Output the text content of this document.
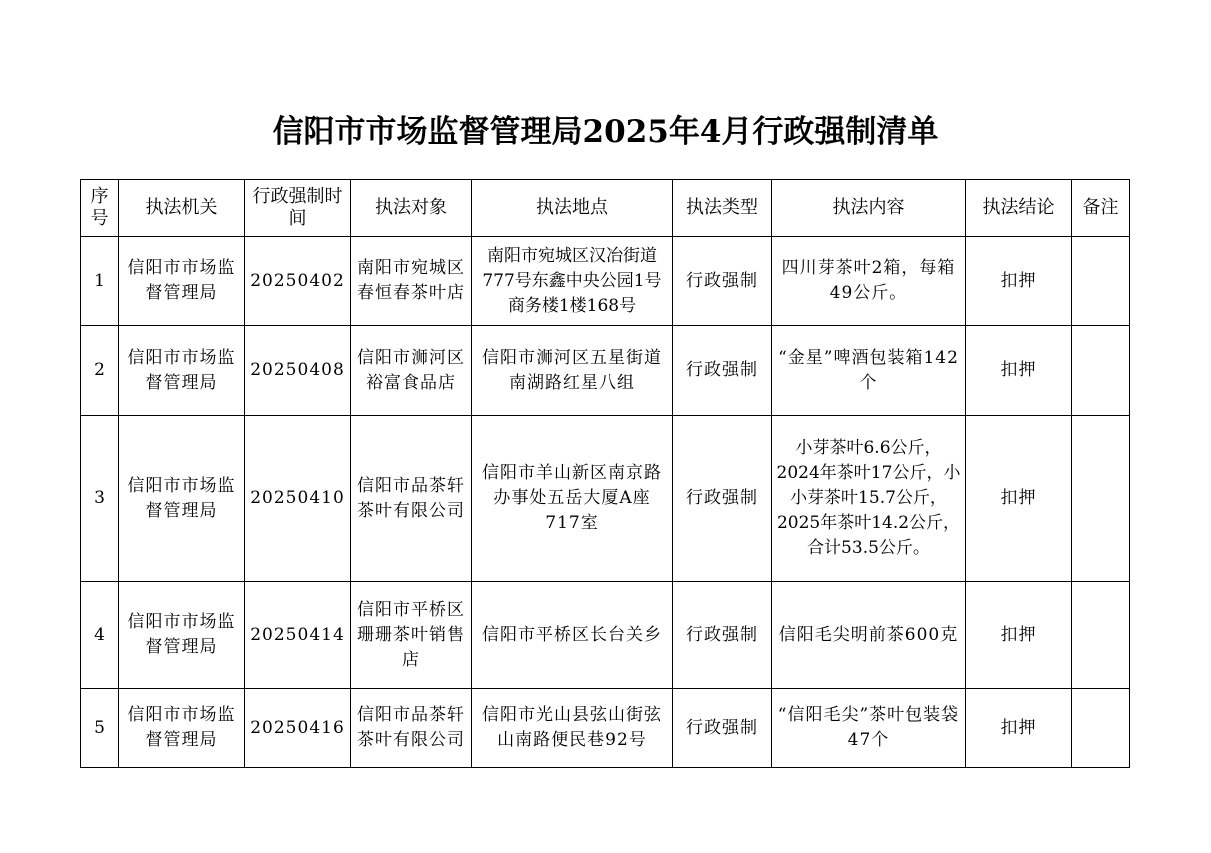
信阳市市场监督管理局2025年4月行政强制清单
序号	执法机关	行政强制时间	执法对象	执法地点	执法类型	执法内容	执法结论	备注
1	信阳市市场监督管理局	20250402	南阳市宛城区春恒春茶叶店	南阳市宛城区汉冶街道777号东鑫中央公园1号商务楼1楼168号	行政强制	四川芽茶叶2箱，每箱49公斤。	扣押	
2	信阳市市场监督管理局	20250408	信阳市浉河区裕富食品店	信阳市浉河区五星街道南湖路红星八组	行政强制	“金星”啤酒包装箱142个	扣押	
3	信阳市市场监督管理局	20250410	信阳市品茶轩茶叶有限公司	信阳市羊山新区南京路办事处五岳大厦A座717室	行政强制	小芽茶叶6.6公斤，2024年茶叶17公斤，小小芽茶叶15.7公斤，2025年茶叶14.2公斤，合计53.5公斤。	扣押	
4	信阳市市场监督管理局	20250414	信阳市平桥区珊珊茶叶销售店	信阳市平桥区长台关乡	行政强制	信阳毛尖明前茶600克	扣押	
5	信阳市市场监督管理局	20250416	信阳市品茶轩茶叶有限公司	信阳市光山县弦山街弦山南路便民巷92号	行政强制	“信阳毛尖”茶叶包装袋47个	扣押	
